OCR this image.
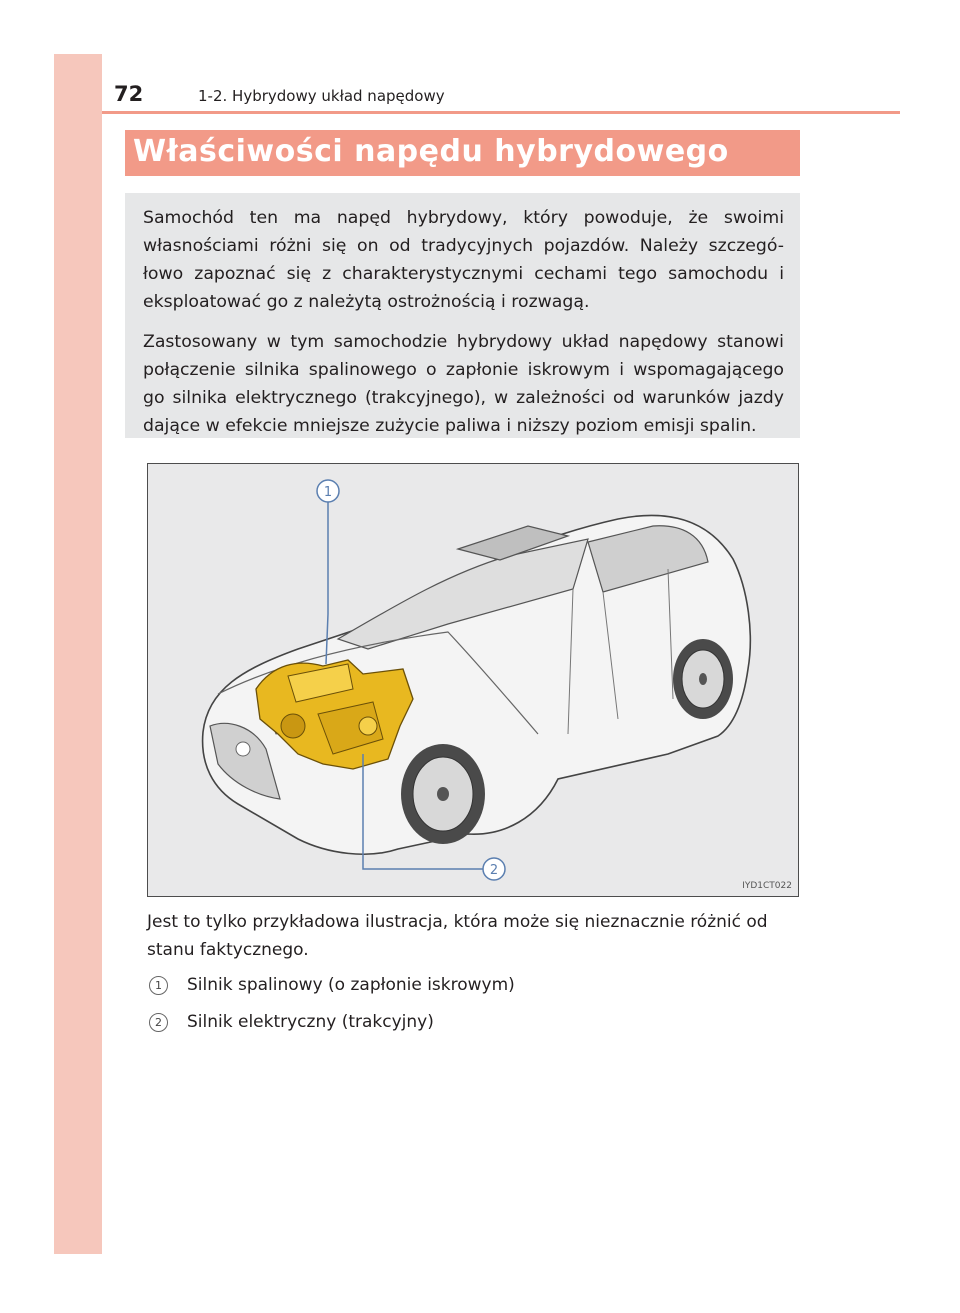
72	1-2. Hybrydowy układ napędowy
Właściwości napędu hybrydowego

Samochód ten ma napęd hybrydowy, który powoduje, że swoimi własnościami różni się on od tradycyjnych pojazdów. Należy szczegó- łowo zapoznać się z charakterystycznymi cechami tego samochodu i eksploatować go z należytą ostrożnością i rozwagą.

Zastosowany w tym samochodzie hybrydowy układ napędowy stanowi połączenie silnika spalinowego o zapłonie iskrowym i wspomagającego go silnika elektrycznego (trakcyjnego), w zależności od warunków jazdy dające w efekcie mniejsze zużycie paliwa i niższy poziom emisji spalin.

1
2
IYD1CT022

Jest to tylko przykładowa ilustracja, która może się nieznacznie różnić od stanu faktycznego.

1	Silnik spalinowy (o zapłonie iskrowym)
2	Silnik elektryczny (trakcyjny)
